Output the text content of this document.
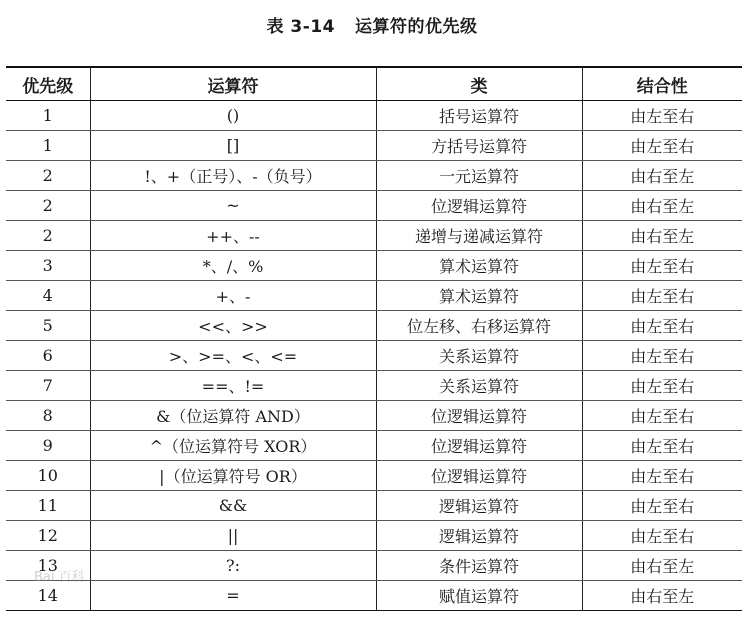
表 3-14 运算符的优先级
优先级	运算符	类	结合性
1	()	括号运算符	由左至右
1	[]	方括号运算符	由左至右
2	!、+（正号）、-（负号）	一元运算符	由右至左
2	~	位逻辑运算符	由右至左
2	++、--	递增与递减运算符	由右至左
3	*、/、%	算术运算符	由左至右
4	+、-	算术运算符	由左至右
5	<<、>>	位左移、右移运算符	由左至右
6	>、>=、<、<=	关系运算符	由左至右
7	==、!=	关系运算符	由左至右
8	&（位运算符 AND）	位逻辑运算符	由左至右
9	^（位运算符号 XOR）	位逻辑运算符	由左至右
10	|（位运算符号 OR）	位逻辑运算符	由左至右
11	&&	逻辑运算符	由左至右
12	||	逻辑运算符	由左至右
13	?:	条件运算符	由右至左
14	=	赋值运算符	由右至左
Bai 百科
